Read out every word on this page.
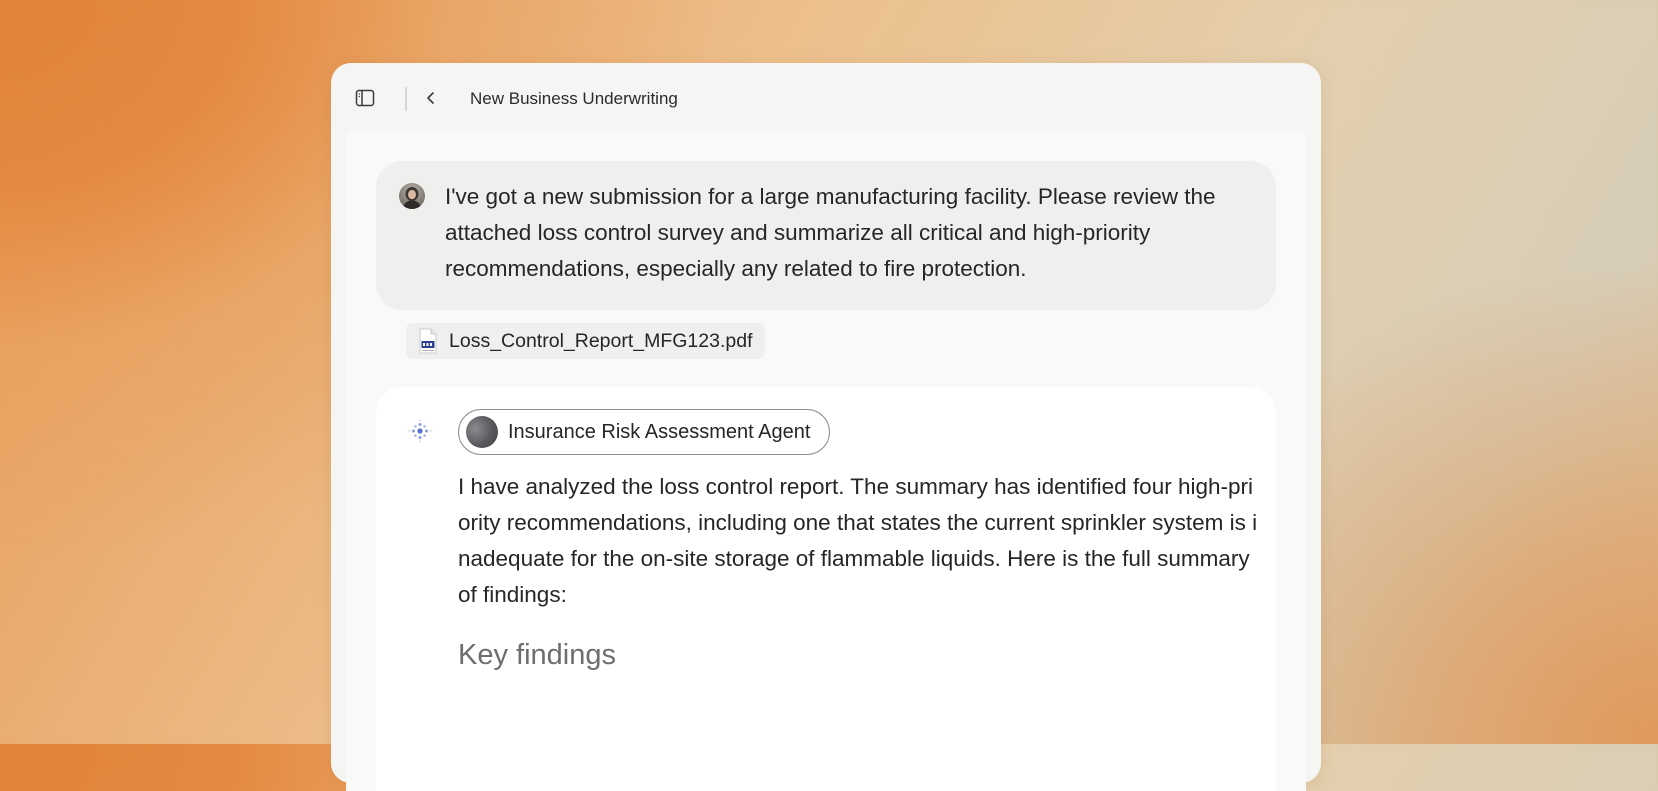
New Business Underwriting

I've got a new submission for a large manufacturing facility. Please review the attached loss control survey and summarize all critical and high-priority recommendations, especially any related to fire protection.

Loss_Control_Report_MFG123.pdf
Insurance Risk Assessment Agent

I have analyzed the loss control report. The summary has identified four high-priority recommendations, including one that states the current sprinkler system is inadequate for the on-site storage of flammable liquids. Here is the full summary of findings:

Key findings
